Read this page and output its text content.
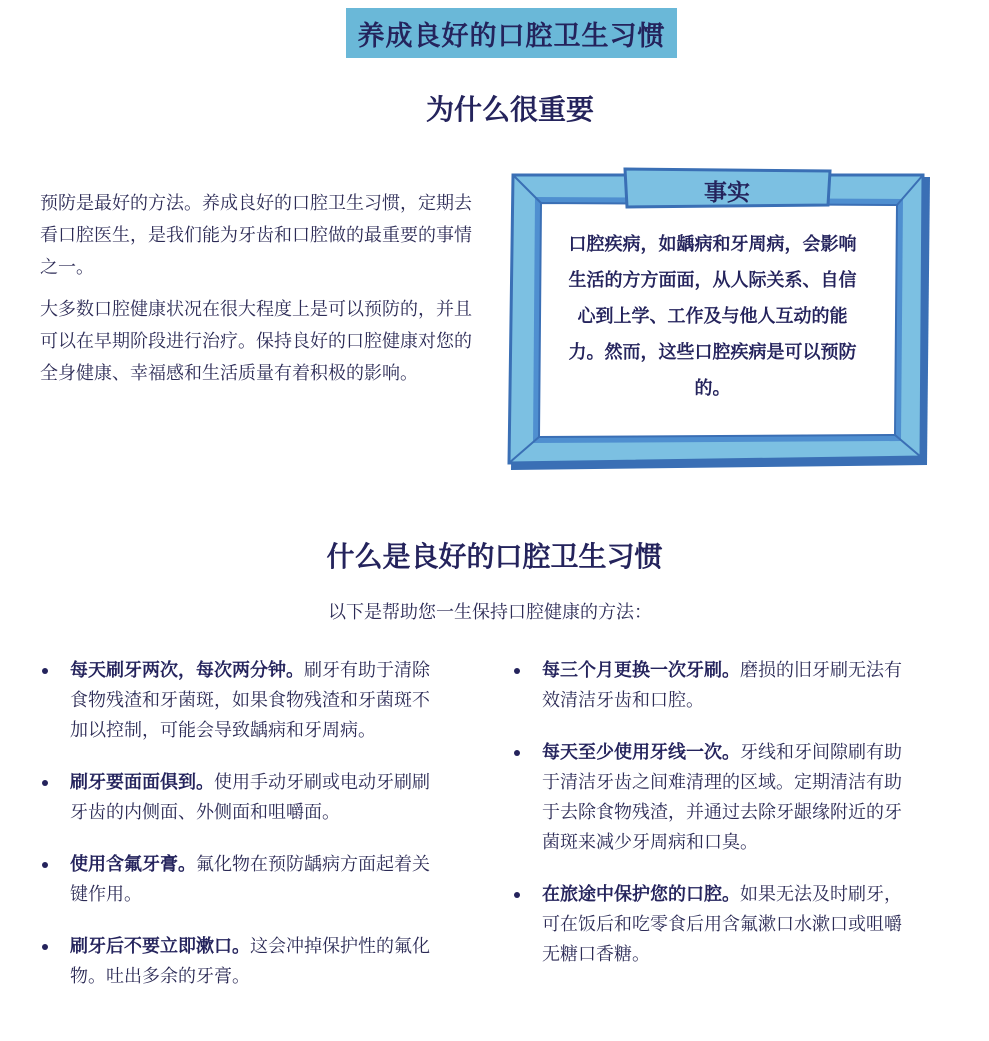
养成良好的口腔卫生习惯
为什么很重要

预防是最好的方法。养成良好的口腔卫生习惯，定期去看口腔医生，是我们能为牙齿和口腔做的最重要的事情之一。

大多数口腔健康状况在很大程度上是可以预防的，并且可以在早期阶段进行治疗。保持良好的口腔健康对您的全身健康、幸福感和生活质量有着积极的影响。

事实
口腔疾病，如龋病和牙周病，会影响生活的方方面面，从人际关系、自信心到上学、工作及与他人互动的能力。然而，这些口腔疾病是可以预防的。
什么是良好的口腔卫生习惯
以下是帮助您一生保持口腔健康的方法：
每天刷牙两次，每次两分钟。刷牙有助于清除食物残渣和牙菌斑，如果食物残渣和牙菌斑不加以控制，可能会导致龋病和牙周病。
刷牙要面面俱到。使用手动牙刷或电动牙刷刷牙齿的内侧面、外侧面和咀嚼面。
使用含氟牙膏。氟化物在预防龋病方面起着关键作用。
刷牙后不要立即漱口。这会冲掉保护性的氟化物。吐出多余的牙膏。
每三个月更换一次牙刷。磨损的旧牙刷无法有效清洁牙齿和口腔。
每天至少使用牙线一次。牙线和牙间隙刷有助于清洁牙齿之间难清理的区域。定期清洁有助于去除食物残渣，并通过去除牙龈缘附近的牙菌斑来减少牙周病和口臭。
在旅途中保护您的口腔。如果无法及时刷牙，可在饭后和吃零食后用含氟漱口水漱口或咀嚼无糖口香糖。
